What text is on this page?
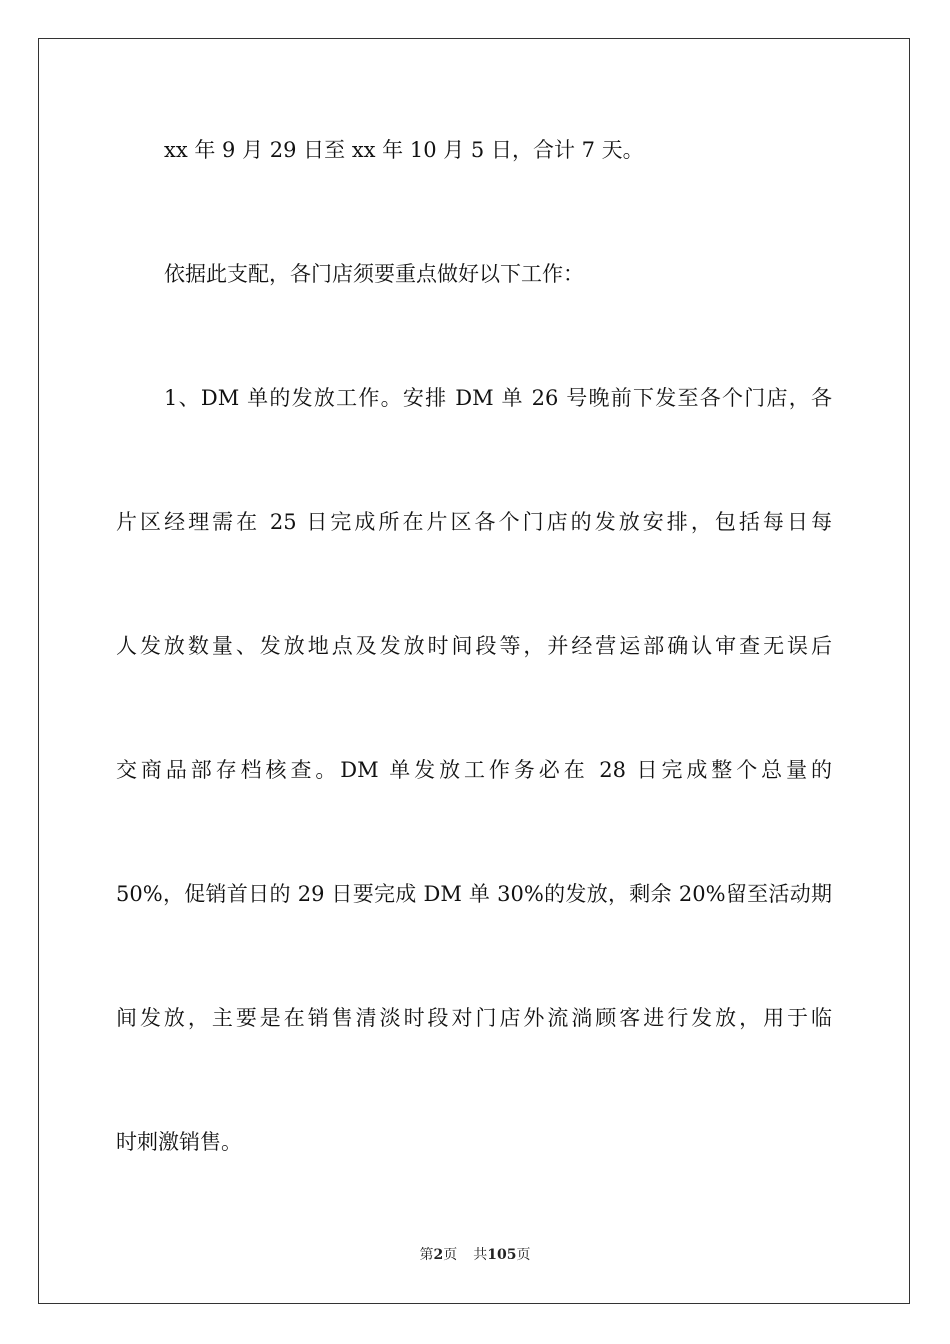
xx 年 9 月 29 日至 xx 年 10 月 5 日，合计 7 天。
依据此支配，各门店须要重点做好以下工作：
1、DM 单的发放工作。安排 DM 单 26 号晚前下发至各个门店，各
片区经理需在 25 日完成所在片区各个门店的发放安排，包括每日每
人发放数量、发放地点及发放时间段等，并经营运部确认审查无误后
交商品部存档核查。DM 单发放工作务必在 28 日完成整个总量的
50%，促销首日的 29 日要完成 DM 单 30%的发放，剩余 20%留至活动期
间发放，主要是在销售清淡时段对门店外流淌顾客进行发放，用于临
时刺激销售。
第2页 共105页
